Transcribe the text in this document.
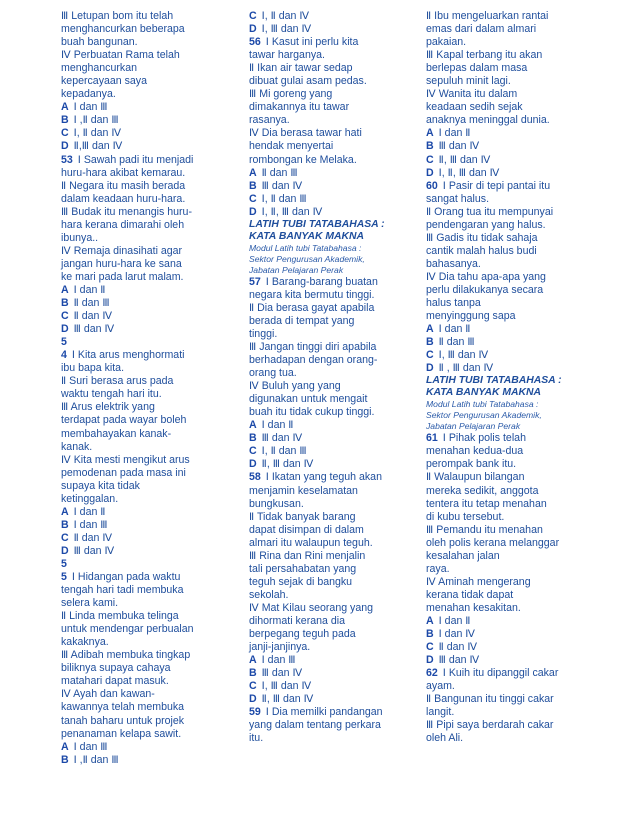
Ⅲ Letupan bom itu telah
menghancurkan beberapa
buah bangunan.
Ⅳ Perbuatan Rama telah
menghancurkan
kepercayaan saya
kepadanya.
A Ⅰ dan Ⅲ
B Ⅰ ,Ⅱ dan Ⅲ
C Ⅰ, Ⅱ dan Ⅳ
D Ⅱ,Ⅲ dan Ⅳ
53 Ⅰ Sawah padi itu menjadi
huru-hara akibat kemarau.
Ⅱ Negara itu masih berada
dalam keadaan huru-hara.
Ⅲ Budak itu menangis huru-
hara kerana dimarahi oleh
ibunya..
Ⅳ Remaja dinasihati agar
jangan huru-hara ke sana
ke mari pada larut malam.
A Ⅰ dan Ⅱ
B Ⅱ dan Ⅲ
C Ⅱ dan Ⅳ
D Ⅲ dan Ⅳ
5
4 Ⅰ Kita arus menghormati
ibu bapa kita.
Ⅱ Suri berasa arus pada
waktu tengah hari itu.
Ⅲ Arus elektrik yang
terdapat pada wayar boleh
membahayakan kanak-
kanak.
Ⅳ Kita mesti mengikut arus
pemodenan pada masa ini
supaya kita tidak
ketinggalan.
A Ⅰ dan Ⅱ
B Ⅰ dan Ⅲ
C Ⅱ dan Ⅳ
D Ⅲ dan Ⅳ
5
5 Ⅰ Hidangan pada waktu
tengah hari tadi membuka
selera kami.
Ⅱ Linda membuka telinga
untuk mendengar perbualan
kakaknya.
Ⅲ Adibah membuka tingkap
biliknya supaya cahaya
matahari dapat masuk.
Ⅳ Ayah dan kawan-
kawannya telah membuka
tanah baharu untuk projek
penanaman kelapa sawit.
A Ⅰ dan Ⅲ
B Ⅰ ,Ⅱ dan Ⅲ
C Ⅰ, Ⅱ dan Ⅳ
D Ⅰ, Ⅲ dan Ⅳ
56 Ⅰ Kasut ini perlu kita
tawar harganya.
Ⅱ Ikan air tawar sedap
dibuat gulai asam pedas.
Ⅲ Mi goreng yang
dimakannya itu tawar
rasanya.
Ⅳ Dia berasa tawar hati
hendak menyertai
rombongan ke Melaka.
A Ⅱ dan Ⅲ
B Ⅲ dan Ⅳ
C Ⅰ, Ⅱ dan Ⅲ
D Ⅰ, Ⅱ, Ⅲ dan Ⅳ
LATIH TUBI TATABAHASA :
KATA BANYAK MAKNA
Modul Latih tubi Tatabahasa :
Sektor Pengurusan Akademik,
Jabatan Pelajaran Perak
57 Ⅰ Barang-barang buatan
negara kita bermutu tinggi.
Ⅱ Dia berasa gayat apabila
berada di tempat yang
tinggi.
Ⅲ Jangan tinggi diri apabila
berhadapan dengan orang-
orang tua.
Ⅳ Buluh yang yang
digunakan untuk mengait
buah itu tidak cukup tinggi.
A Ⅰ dan Ⅱ
B Ⅲ dan Ⅳ
C Ⅰ, Ⅱ dan Ⅲ
D Ⅱ, Ⅲ dan Ⅳ
58 Ⅰ Ikatan yang teguh akan
menjamin keselamatan
bungkusan.
Ⅱ Tidak banyak barang
dapat disimpan di dalam
almari itu walaupun teguh.
Ⅲ Rina dan Rini menjalin
tali persahabatan yang
teguh sejak di bangku
sekolah.
Ⅳ Mat Kilau seorang yang
dihormati kerana dia
berpegang teguh pada
janji-janjinya.
A Ⅰ dan Ⅲ
B Ⅲ dan Ⅳ
C Ⅰ, Ⅲ dan Ⅳ
D Ⅱ, Ⅲ dan Ⅳ
59 Ⅰ Dia memilki pandangan
yang dalam tentang perkara
itu.
Ⅱ Ibu mengeluarkan rantai
emas dari dalam almari
pakaian.
Ⅲ Kapal terbang itu akan
berlepas dalam masa
sepuluh minit lagi.
Ⅳ Wanita itu dalam
keadaan sedih sejak
anaknya meninggal dunia.
A Ⅰ dan Ⅱ
B Ⅲ dan Ⅳ
C Ⅱ, Ⅲ dan Ⅳ
D Ⅰ, Ⅱ, Ⅲ dan Ⅳ
60 Ⅰ Pasir di tepi pantai itu
sangat halus.
Ⅱ Orang tua itu mempunyai
pendengaran yang halus.
Ⅲ Gadis itu tidak sahaja
cantik malah halus budi
bahasanya.
Ⅳ Dia tahu apa-apa yang
perlu dilakukanya secara
halus tanpa
menyinggung sapa
A Ⅰ dan Ⅱ
B Ⅱ dan Ⅲ
C Ⅰ, Ⅲ dan Ⅳ
D Ⅱ , Ⅲ dan Ⅳ
LATIH TUBI TATABAHASA :
KATA BANYAK MAKNA
Modul Latih tubi Tatabahasa :
Sektor Pengurusan Akademik,
Jabatan Pelajaran Perak
61 Ⅰ Pihak polis telah
menahan kedua-dua
perompak bank itu.
Ⅱ Walaupun bilangan
mereka sedikit, anggota
tentera itu tetap menahan
di kubu tersebut.
Ⅲ Pemandu itu menahan
oleh polis kerana melanggar
kesalahan jalan
raya.
Ⅳ Aminah mengerang
kerana tidak dapat
menahan kesakitan.
A Ⅰ dan Ⅱ
B Ⅰ dan Ⅳ
C Ⅱ dan Ⅳ
D Ⅲ dan Ⅳ
62 Ⅰ Kuih itu dipanggil cakar
ayam.
Ⅱ Bangunan itu tinggi cakar
langit.
Ⅲ Pipi saya berdarah cakar
oleh Ali.
